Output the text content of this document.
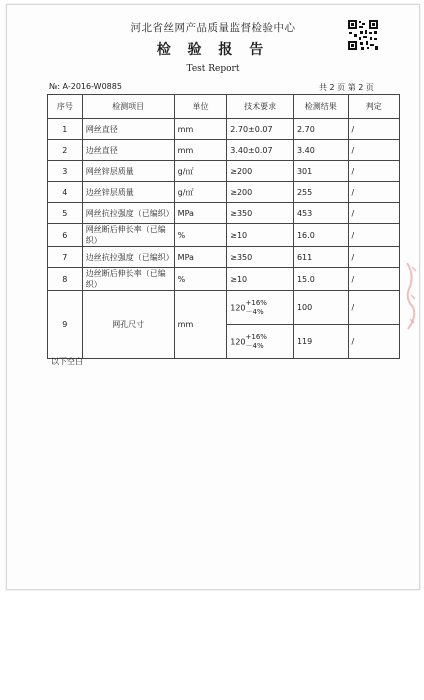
河北省丝网产品质量监督检验中心
检 验 报 告
Test Report
№: A-2016-W0885	共 2 页 第 2 页
序号	检测项目	单位	技术要求	检测结果	判定
1	网丝直径	mm	2.70±0.07	2.70	/
2	边丝直径	mm	3.40±0.07	3.40	/
3	网丝锌层质量	g/㎡	≥200	301	/
4	边丝锌层质量	g/㎡	≥200	255	/
5	网丝抗拉强度（已编织）	MPa	≥350	453	/
6	网丝断后伸长率（已编织）	%	≥10	16.0	/
7	边丝抗拉强度（已编织）	MPa	≥350	611	/
8	边丝断后伸长率（已编织）	%	≥10	15.0	/
9	网孔尺寸	mm	120
+16%
－4%	100	/
			120
+16%
－4%	119	/
以下空白
